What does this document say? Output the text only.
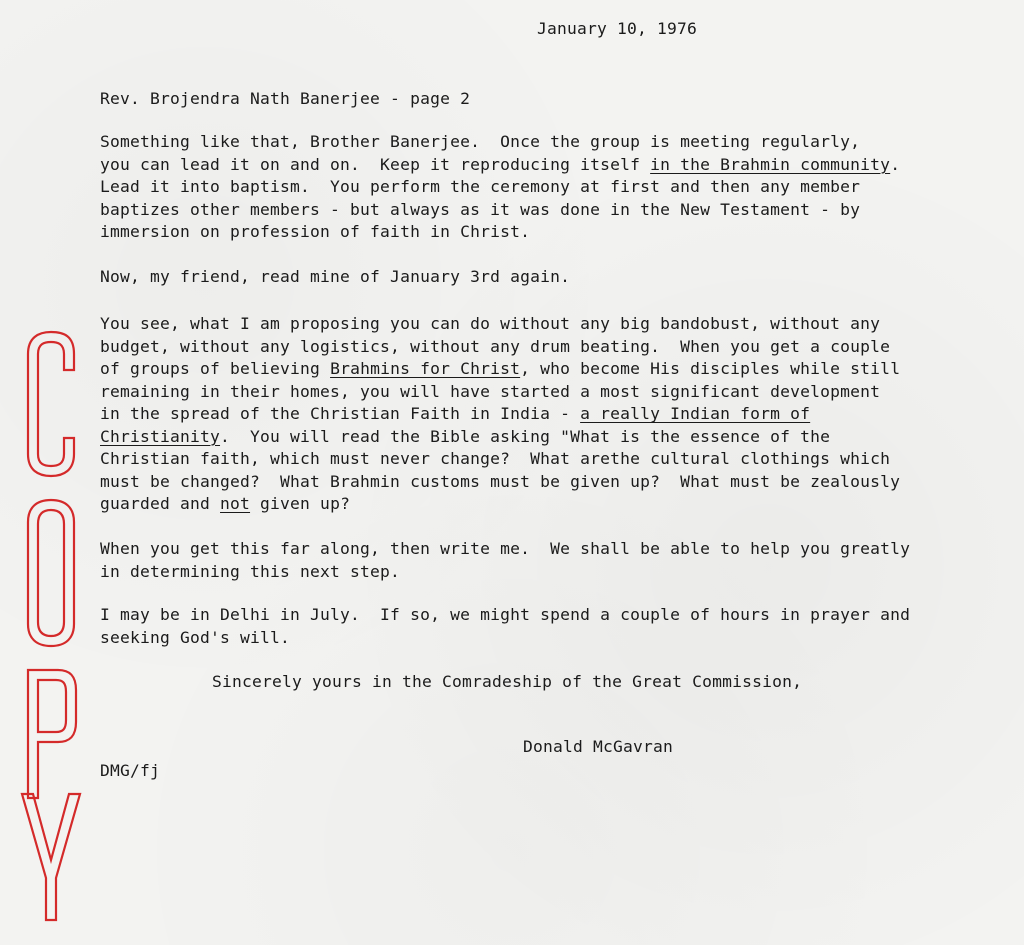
January 10, 1976

Rev. Brojendra Nath Banerjee - page 2

Something like that, Brother Banerjee.  Once the group is meeting regularly,

you can lead it on and on.  Keep it reproducing itself in the Brahmin community.

Lead it into baptism.  You perform the ceremony at first and then any member

baptizes other members - but always as it was done in the New Testament - by

immersion on profession of faith in Christ.

Now, my friend, read mine of January 3rd again.

You see, what I am proposing you can do without any big bandobust, without any

budget, without any logistics, without any drum beating.  When you get a couple

of groups of believing Brahmins for Christ, who become His disciples while still

remaining in their homes, you will have started a most significant development

in the spread of the Christian Faith in India - a really Indian form of

Christianity.  You will read the Bible asking "What is the essence of the

Christian faith, which must never change?  What arethe cultural clothings which

must be changed?  What Brahmin customs must be given up?  What must be zealously

guarded and not given up?

When you get this far along, then write me.  We shall be able to help you greatly

in determining this next step.

I may be in Delhi in July.  If so, we might spend a couple of hours in prayer and

seeking God's will.

Sincerely yours in the Comradeship of the Great Commission,

Donald McGavran

DMG/fj
